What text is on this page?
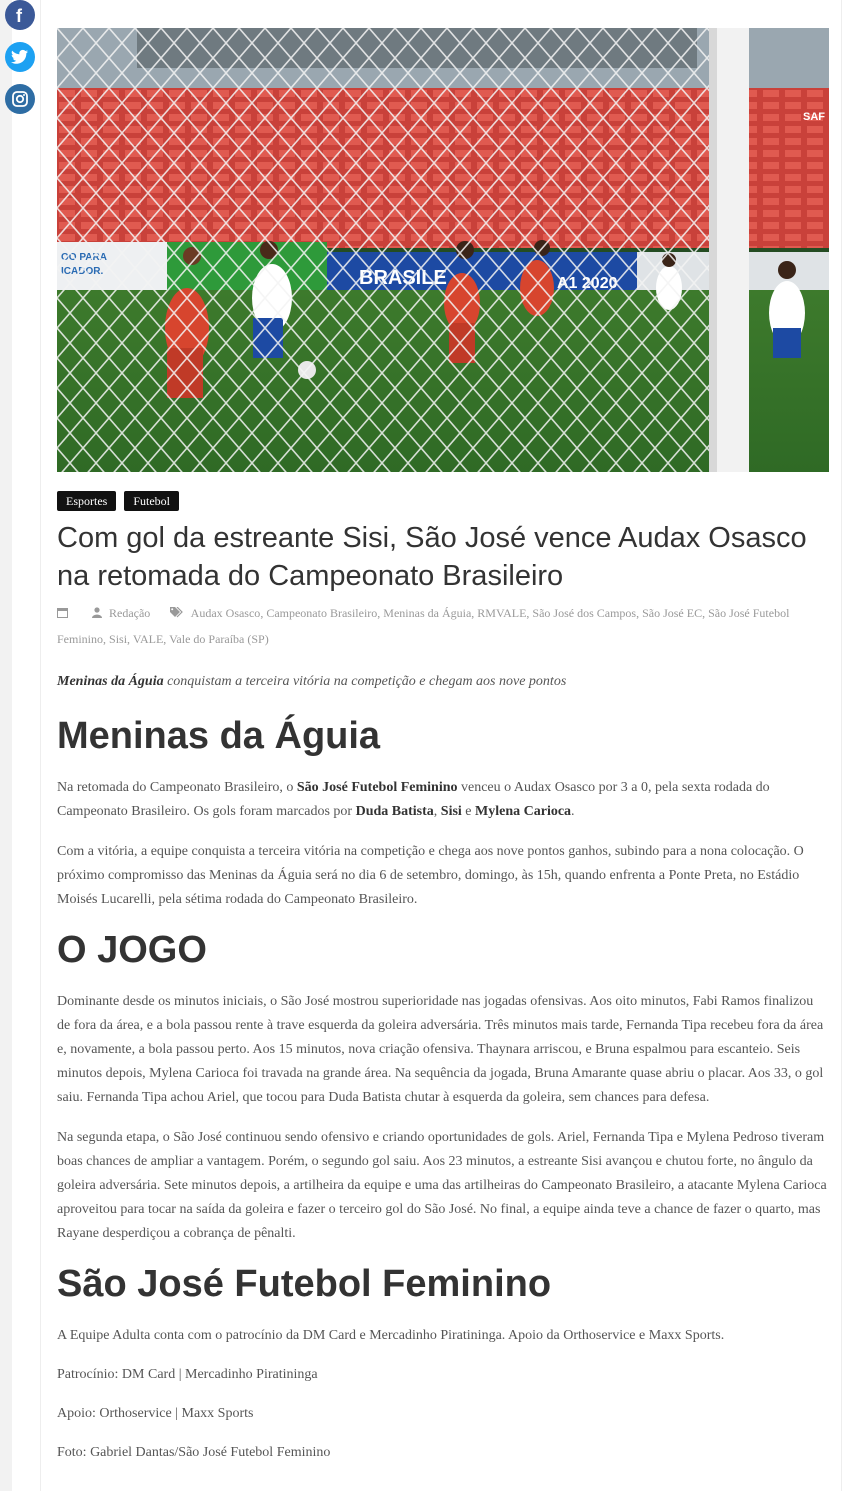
f
SAF
Esportes Futebol
Com gol da estreante Sisi, São José vence Audax Osasco na retomada do Campeonato Brasileiro
Redação	Audax Osasco, Campeonato Brasileiro, Meninas da Águia, RMVALE, São José dos Campos, São José EC, São José Futebol Feminino, Sisi, VALE, Vale do Paraíba (SP)
Meninas da Águia conquistam a terceira vitória na competição e chegam aos nove pontos
Meninas da Águia

Na retomada do Campeonato Brasileiro, o São José Futebol Feminino venceu o Audax Osasco por 3 a 0, pela sexta rodada do Campeonato Brasileiro. Os gols foram marcados por Duda Batista, Sisi e Mylena Carioca.

Com a vitória, a equipe conquista a terceira vitória na competição e chega aos nove pontos ganhos, subindo para a nona colocação. O próximo compromisso das Meninas da Águia será no dia 6 de setembro, domingo, às 15h, quando enfrenta a Ponte Preta, no Estádio Moisés Lucarelli, pela sétima rodada do Campeonato Brasileiro.

O JOGO

Dominante desde os minutos iniciais, o São José mostrou superioridade nas jogadas ofensivas. Aos oito minutos, Fabi Ramos finalizou de fora da área, e a bola passou rente à trave esquerda da goleira adversária. Três minutos mais tarde, Fernanda Tipa recebeu fora da área e, novamente, a bola passou perto. Aos 15 minutos, nova criação ofensiva. Thaynara arriscou, e Bruna espalmou para escanteio. Seis minutos depois, Mylena Carioca foi travada na grande área. Na sequência da jogada, Bruna Amarante quase abriu o placar. Aos 33, o gol saiu. Fernanda Tipa achou Ariel, que tocou para Duda Batista chutar à esquerda da goleira, sem chances para defesa.

Na segunda etapa, o São José continuou sendo ofensivo e criando oportunidades de gols. Ariel, Fernanda Tipa e Mylena Pedroso tiveram boas chances de ampliar a vantagem. Porém, o segundo gol saiu. Aos 23 minutos, a estreante Sisi avançou e chutou forte, no ângulo da goleira adversária. Sete minutos depois, a artilheira da equipe e uma das artilheiras do Campeonato Brasileiro, a atacante Mylena Carioca aproveitou para tocar na saída da goleira e fazer o terceiro gol do São José. No final, a equipe ainda teve a chance de fazer o quarto, mas Rayane desperdiçou a cobrança de pênalti.

São José Futebol Feminino

A Equipe Adulta conta com o patrocínio da DM Card e Mercadinho Piratininga. Apoio da Orthoservice e Maxx Sports.

Patrocínio: DM Card | Mercadinho Piratininga

Apoio: Orthoservice | Maxx Sports

Foto: Gabriel Dantas/São José Futebol Feminino
